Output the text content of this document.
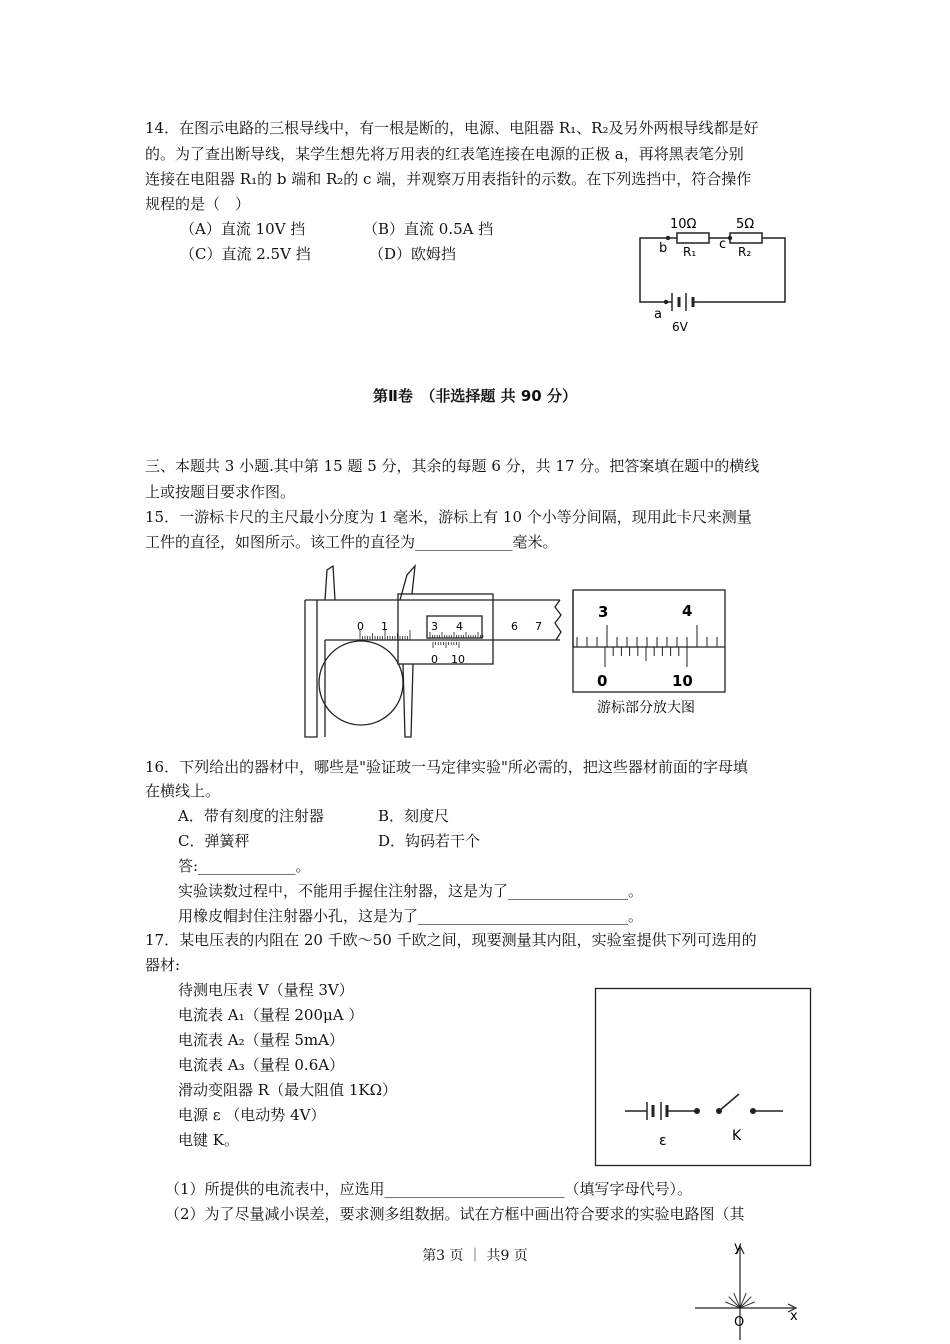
14．在图示电路的三根导线中，有一根是断的，电源、电阻器 R₁、R₂及另外两根导线都是好
的。为了查出断导线，某学生想先将万用表的红表笔连接在电源的正极 a，再将黑表笔分别
连接在电阻器 R₁的 b 端和 R₂的 c 端，并观察万用表指针的示数。在下列选挡中，符合操作
规程的是（　）
（A）直流 10V 挡	（B）直流 0.5A 挡
（C）直流 2.5V 挡	（D）欧姆挡
10Ω	5Ω
R₁	R₂
b	c
a
6V
第Ⅱ卷　（非选择题 共 90 分）
三、本题共 3 小题.其中第 15 题 5 分，其余的每题 6 分，共 17 分。把答案填在题中的横线
上或按题目要求作图。
15．一游标卡尺的主尺最小分度为 1 毫米，游标上有 10 个小等分间隔，现用此卡尺来测量
工件的直径，如图所示。该工件的直径为_____________毫米。
0 1	3 4	6 7
0 10
3	4
0	10
游标部分放大图
16．下列给出的器材中，哪些是"验证玻一马定律实验"所必需的，把这些器材前面的字母填
在横线上。
A．带有刻度的注射器	B．刻度尺
C．弹簧秤	D．钩码若干个
答:_____________。
实验读数过程中，不能用手握住注射器，这是为了________________。
用橡皮帽封住注射器小孔，这是为了____________________________。
17．某电压表的内阻在 20 千欧～50 千欧之间，现要测量其内阻，实验室提供下列可选用的
器材:
待测电压表 V（量程 3V）
电流表 A₁（量程 200μA ）
电流表 A₂（量程 5mA）
电流表 A₃（量程 0.6A）
滑动变阻器 R（最大阻值 1KΩ）
电源 ε （电动势 4V）
电键 K。
（1）所提供的电流表中，应选用________________________（填写字母代号）。
（2）为了尽量减小误差，要求测多组数据。试在方框中画出符合要求的实验电路图（其
ε	K
第3 页 ｜ 共9 页
y
x
O
